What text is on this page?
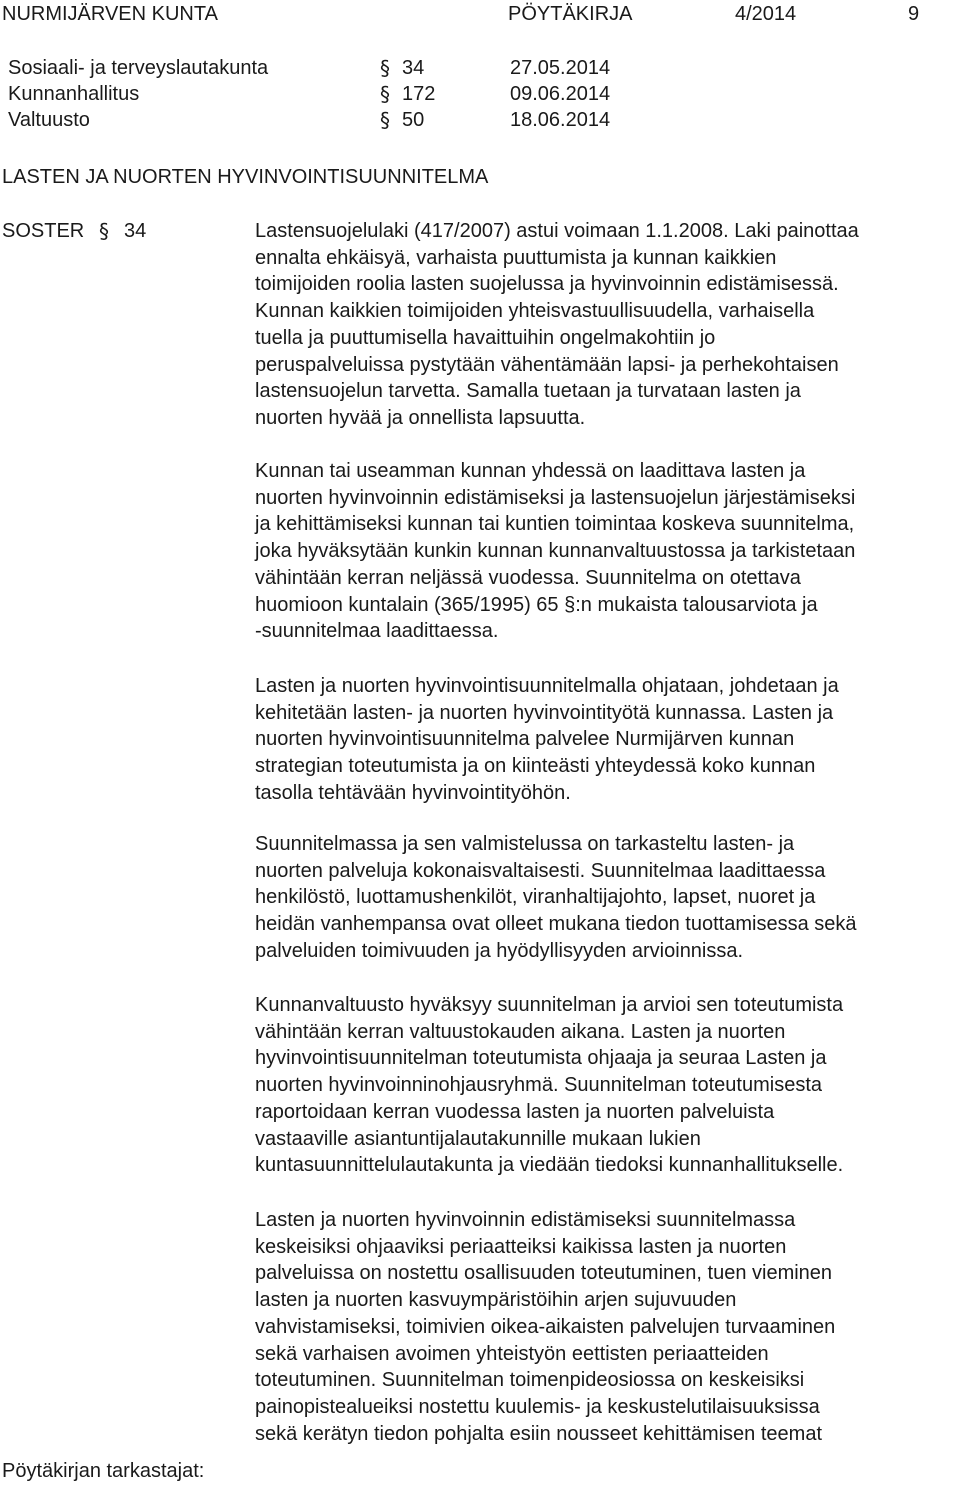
NURMIJÄRVEN KUNTA	PÖYTÄKIRJA	4/2014	9
Sosiaali- ja terveyslautakunta	§ 34	27.05.2014
Kunnanhallitus	§ 172	09.06.2014
Valtuusto	§ 50	18.06.2014
LASTEN JA NUORTEN HYVINVOINTISUUNNITELMA
SOSTER § 34	Lastensuojelulaki (417/2007) astui voimaan 1.1.2008. Laki painottaa
ennalta ehkäisyä, varhaista puuttumista ja kunnan kaikkien
toimijoiden roolia lasten suojelussa ja hyvinvoinnin edistämisessä.
Kunnan kaikkien toimijoiden yhteisvastuullisuudella, varhaisella
tuella ja puuttumisella havaittuihin ongelmakohtiin jo
peruspalveluissa pystytään vähentämään lapsi- ja perhekohtaisen
lastensuojelun tarvetta. Samalla tuetaan ja turvataan lasten ja
nuorten hyvää ja onnellista lapsuutta.
Kunnan tai useamman kunnan yhdessä on laadittava lasten ja
nuorten hyvinvoinnin edistämiseksi ja lastensuojelun järjestämiseksi
ja kehittämiseksi kunnan tai kuntien toimintaa koskeva suunnitelma,
joka hyväksytään kunkin kunnan kunnanvaltuustossa ja tarkistetaan
vähintään kerran neljässä vuodessa. Suunnitelma on otettava
huomioon kuntalain (365/1995) 65 §:n mukaista talousarviota ja
-suunnitelmaa laadittaessa.
Lasten ja nuorten hyvinvointisuunnitelmalla ohjataan, johdetaan ja
kehitetään lasten- ja nuorten hyvinvointityötä kunnassa. Lasten ja
nuorten hyvinvointisuunnitelma palvelee Nurmijärven kunnan
strategian toteutumista ja on kiinteästi yhteydessä koko kunnan
tasolla tehtävään hyvinvointityöhön.
Suunnitelmassa ja sen valmistelussa on tarkasteltu lasten- ja
nuorten palveluja kokonaisvaltaisesti. Suunnitelmaa laadittaessa
henkilöstö, luottamushenkilöt, viranhaltijajohto, lapset, nuoret ja
heidän vanhempansa ovat olleet mukana tiedon tuottamisessa sekä
palveluiden toimivuuden ja hyödyllisyyden arvioinnissa.
Kunnanvaltuusto hyväksyy suunnitelman ja arvioi sen toteutumista
vähintään kerran valtuustokauden aikana. Lasten ja nuorten
hyvinvointisuunnitelman toteutumista ohjaaja ja seuraa Lasten ja
nuorten hyvinvoinninohjausryhmä. Suunnitelman toteutumisesta
raportoidaan kerran vuodessa lasten ja nuorten palveluista
vastaaville asiantuntijalautakunnille mukaan lukien
kuntasuunnittelulautakunta ja viedään tiedoksi kunnanhallitukselle.
Lasten ja nuorten hyvinvoinnin edistämiseksi suunnitelmassa
keskeisiksi ohjaaviksi periaatteiksi kaikissa lasten ja nuorten
palveluissa on nostettu osallisuuden toteutuminen, tuen vieminen
lasten ja nuorten kasvuympäristöihin arjen sujuvuuden
vahvistamiseksi, toimivien oikea-aikaisten palvelujen turvaaminen
sekä varhaisen avoimen yhteistyön eettisten periaatteiden
toteutuminen. Suunnitelman toimenpideosiossa on keskeisiksi
painopistealueiksi nostettu kuulemis- ja keskustelutilaisuuksissa
sekä kerätyn tiedon pohjalta esiin nousseet kehittämisen teemat
Pöytäkirjan tarkastajat:
